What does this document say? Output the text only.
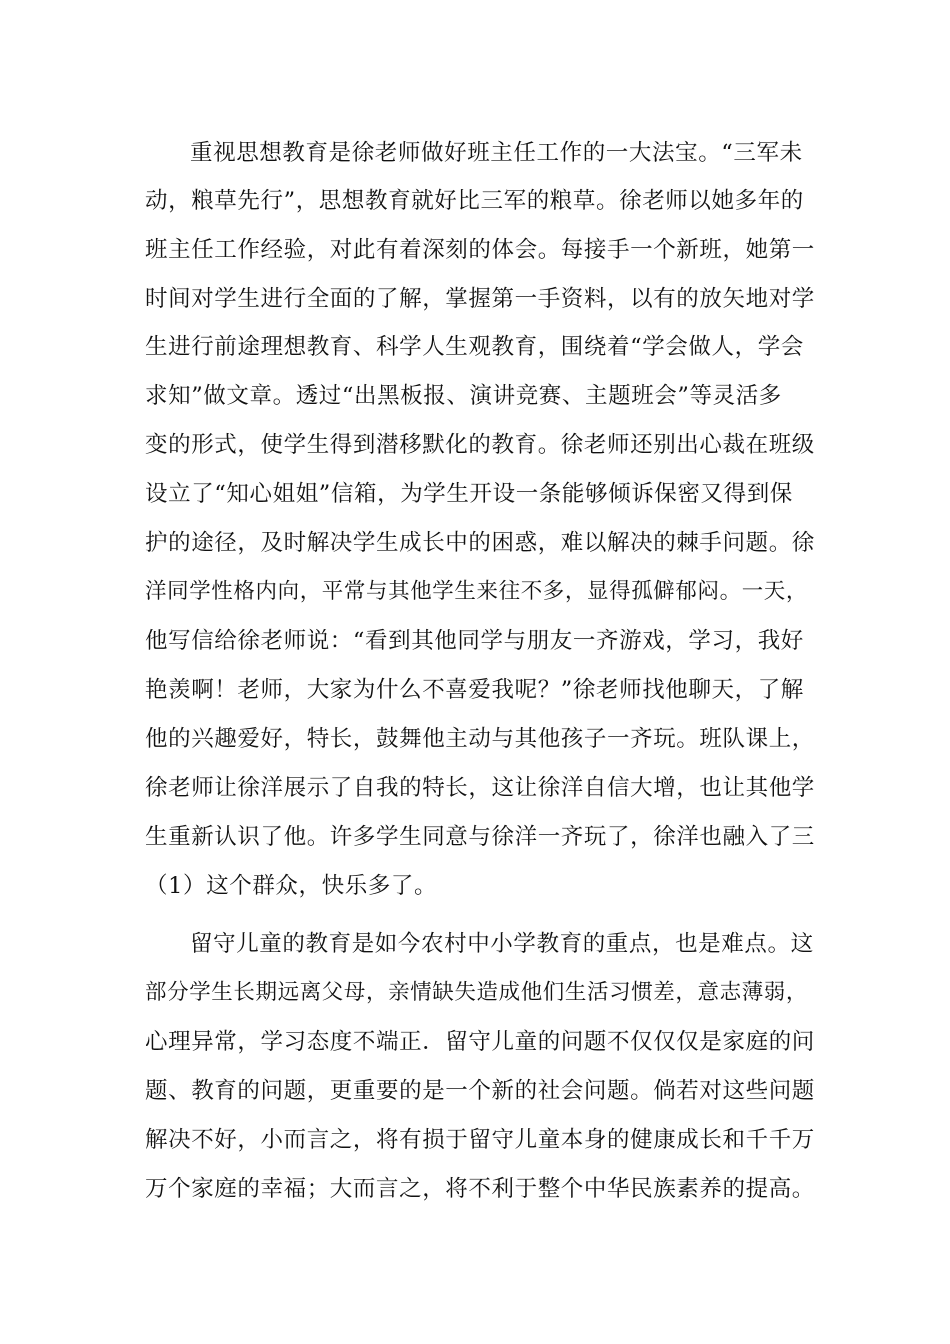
重视思想教育是徐老师做好班主任工作的一大法宝。“三军未
动，粮草先行”，思想教育就好比三军的粮草。徐老师以她多年的
班主任工作经验，对此有着深刻的体会。每接手一个新班，她第一
时间对学生进行全面的了解，掌握第一手资料，以有的放矢地对学
生进行前途理想教育、科学人生观教育，围绕着“学会做人，学会
求知”做文章。透过“出黑板报、演讲竞赛、主题班会”等灵活多
变的形式，使学生得到潜移默化的教育。徐老师还别出心裁在班级
设立了“知心姐姐”信箱，为学生开设一条能够倾诉保密又得到保
护的途径，及时解决学生成长中的困惑，难以解决的棘手问题。徐
洋同学性格内向，平常与其他学生来往不多，显得孤僻郁闷。一天，
他写信给徐老师说：“看到其他同学与朋友一齐游戏，学习，我好
艳羡啊！老师，大家为什么不喜爱我呢？”徐老师找他聊天，了解
他的兴趣爱好，特长，鼓舞他主动与其他孩子一齐玩。班队课上，
徐老师让徐洋展示了自我的特长，这让徐洋自信大增，也让其他学
生重新认识了他。许多学生同意与徐洋一齐玩了，徐洋也融入了三
（1）这个群众，快乐多了。
留守儿童的教育是如今农村中小学教育的重点，也是难点。这
部分学生长期远离父母，亲情缺失造成他们生活习惯差，意志薄弱，
心理异常，学习态度不端正．留守儿童的问题不仅仅仅是家庭的问
题、教育的问题，更重要的是一个新的社会问题。倘若对这些问题
解决不好，小而言之，将有损于留守儿童本身的健康成长和千千万
万个家庭的幸福；大而言之，将不利于整个中华民族素养的提高。
